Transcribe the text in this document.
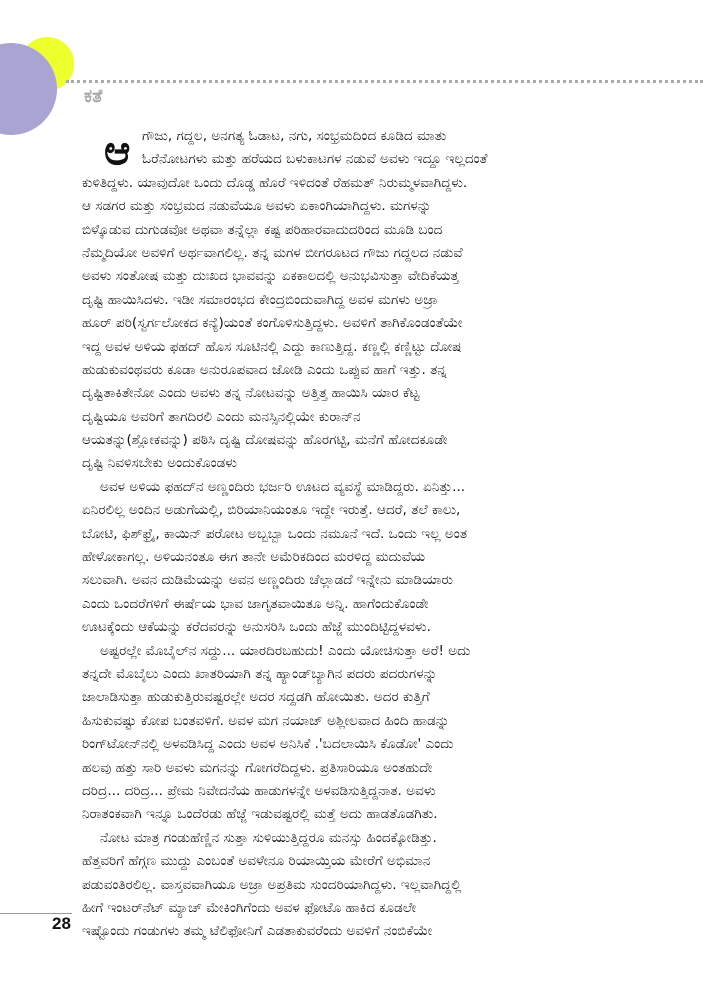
ಕತೆ
ಆ ಗೌಜು, ಗದ್ದಲ, ಅನಗತ್ಯ ಓಡಾಟ, ನಗು, ಸಂಭ್ರಮದಿಂದ ಕೂಡಿದ ಮಾತು
ಓರೆನೋಟಗಳು ಮತ್ತು ಹರೆಯದ ಬಳುಕಾಟಗಳ ನಡುವೆ ಅವಳು ಇದ್ದೂ ಇಲ್ಲದಂತೆ
ಕುಳಿತಿದ್ದಳು. ಯಾವುದೋ ಒಂದು ದೊಡ್ಡ ಹೊರೆ ಇಳಿದಂತೆ ರೆಹಮತ್ ನಿರುಮ್ಮಳವಾಗಿದ್ದಳು.
ಆ ಸಡಗರ ಮತ್ತು ಸಂಭ್ರಮದ ನಡುವೆಯೂ ಅವಳು ಏಕಾಂಗಿಯಾಗಿದ್ದಳು. ಮಗಳನ್ನು
ಬಿಳ್ಕೊಡುವ ದುಗುಡವೋ ಅಥವಾ ತನ್ನೆಲ್ಲಾ ಕಷ್ಟ ಪರಿಹಾರವಾದುದರಿಂದ ಮೂಡಿ ಬಂದ
ನೆಮ್ಮದಿಯೋ ಅವಳಿಗೆ ಅರ್ಥವಾಗಲಿಲ್ಲ. ತನ್ನ ಮಗಳ ಬೀಗರೂಟದ ಗೌಜು ಗದ್ದಲದ ನಡುವೆ
ಅವಳು ಸಂತೋಷ ಮತ್ತು ದುಃಖದ ಭಾವವನ್ನು ಏಕಕಾಲದಲ್ಲಿ ಅನುಭವಿಸುತ್ತಾ ವೇದಿಕೆಯತ್ತ
ದೃಷ್ಟಿ ಹಾಯಿಸಿದಳು. ಇಡೀ ಸಮಾರಂಭದ ಕೇಂದ್ರಬಿಂದುವಾಗಿದ್ದ ಅವಳ ಮಗಳು ಅಜ್ರಾ
ಹೂರ್ ಪರಿ(ಸ್ವರ್ಗಲೋಕದ ಕನ್ಯೆ)ಯಂತೆ ಕಂಗೊಳಿಸುತ್ತಿದ್ದಳು. ಅವಳಿಗೆ ತಾಗಿಕೊಂಡಂತೆಯೇ
ಇದ್ದ ಅವಳ ಅಳಿಯ ಫಹದ್ ಹೊಸ ಸೂಟಿನಲ್ಲಿ ಎದ್ದು ಕಾಣುತ್ತಿದ್ದ. ಕಣ್ಣಲ್ಲಿ ಕಣ್ಣಿಟ್ಟು ದೋಷ
ಹುಡುಕುವಂಥವರು ಕೂಡಾ ಅನುರೂಪವಾದ ಜೋಡಿ ಎಂದು ಒಪ್ಪುವ ಹಾಗೆ ಇತ್ತು. ತನ್ನ
ದೃಷ್ಟಿತಾಕಿತೇನೋ ಎಂದು ಅವಳು ತನ್ನ ನೋಟವನ್ನು ಅತ್ತಿತ್ತ ಹಾಯಿಸಿ ಯಾರ ಕೆಟ್ಟ
ದೃಷ್ಟಿಯೂ ಅವರಿಗೆ ತಾಗದಿರಲಿ ಎಂದು ಮನಸ್ಸಿನಲ್ಲಿಯೇ ಕುರಾನ್‌ನ
ಆಯತನ್ನು(ಶ್ಲೋಕವನ್ನು) ಪಠಿಸಿ ದೃಷ್ಟಿ ದೋಷವನ್ನು ಹೊರಗಟ್ಟಿ, ಮನೆಗೆ ಹೋದಕೂಡೇ
ದೃಷ್ಟಿ ನಿವಳಿಸಬೇಕು ಅಂದುಕೊಂಡಳು
ಅವಳ ಅಳಿಯ ಫಹದ್‌ನ ಅಣ್ಣಂದಿರು ಭರ್ಜರಿ ಊಟದ ವ್ಯವಸ್ಥೆ ಮಾಡಿದ್ದರು. ಏನಿತ್ತು...
ಏನಿರಲಿಲ್ಲ ಅಂದಿನ ಅಡುಗೆಯಲ್ಲಿ, ಬಿರಿಯಾನಿಯಂತೂ ಇದ್ದೇ ಇರುತ್ತೆ. ಆದರೆ, ತಲೆ ಕಾಲು,
ಬೋಟಿ, ಫಿಶ್‌ಫ್ರೈ, ಕಾಯಿನ್ ಪರೋಟ ಅಬ್ಬಬ್ಬಾ ಒಂದು ನಮೂನೆ ಇದೆ. ಒಂದು ಇಲ್ಲ ಅಂತ
ಹೇಳೋಕಾಗಲ್ಲ. ಅಳಿಯನಂತೂ ಈಗ ತಾನೇ ಅಮೆರಿಕದಿಂದ ಮರಳಿದ್ದ ಮದುವೆಯ
ಸಲುವಾಗಿ. ಅವನ ದುಡಿಮೆಯನ್ನು ಅವನ ಅಣ್ಣಂದಿರು ಚೆಲ್ಲಾಡದೆ ಇನ್ನೇನು ಮಾಡಿಯಾರು
ಎಂದು ಒಂದರೆಗಳಿಗೆ ಈರ್ಷೆಯ ಭಾವ ಜಾಗೃತವಾಯಿತೂ ಅನ್ನಿ. ಹಾಗೆಂದುಕೊಂಡೇ
ಊಟಕ್ಕೆಂದು ಆಕೆಯನ್ನು ಕರೆದವರನ್ನು ಅನುಸರಿಸಿ ಒಂದು ಹೆಜ್ಜೆ ಮುಂದಿಟ್ಟಿದ್ದಳವಳು.
ಅಷ್ಟರಲ್ಲೇ ಮೊಬೈಲ್‌ನ ಸದ್ದು... ಯಾರದಿರಬಹುದು! ಎಂದು ಯೋಚಿಸುತ್ತಾ ಅರೆ! ಅದು
ತನ್ನದೇ ಮೊಬೈಲು ಎಂದು ಖಾತರಿಯಾಗಿ ತನ್ನ ಹ್ಯಾಂಡ್‌ಬ್ಯಾಗಿನ ಪದರು ಪದರುಗಳನ್ನು
ಜಾಲಾಡಿಸುತ್ತಾ ಹುಡುಕುತ್ತಿರುವಷ್ಟರಲ್ಲೇ ಅದರ ಸದ್ದಡಗಿ ಹೋಯಿತು. ಅದರ ಕುತ್ತಿಗೆ
ಹಿಸುಕುವಷ್ಟು ಕೋಪ ಬಂತವಳಿಗೆ. ಅವಳ ಮಗ ನಯಾಜ್ ಅಶ್ಲೀಲವಾದ ಹಿಂದಿ ಹಾಡನ್ನು
ರಿಂಗ್‌ಟೋನ್‌ನಲ್ಲಿ ಅಳವಡಿಸಿದ್ದ ಎಂದು ಅವಳ ಅನಿಸಿಕೆ .'ಬದಲಾಯಿಸಿ ಕೊಡೋ' ಎಂದು
ಹಲವು ಹತ್ತು ಸಾರಿ ಅವಳು ಮಗನನ್ನು ಗೋಗರೆದಿದ್ದಳು. ಪ್ರತಿಸಾರಿಯೂ ಅಂತಹುದೇ
ದರಿದ್ರ... ದರಿದ್ರ... ಪ್ರೇಮ ನಿವೇದನೆಯ ಹಾಡುಗಳನ್ನೇ ಅಳವಡಿಸುತ್ತಿದ್ದನಾತ. ಅವಳು
ನಿರಾತಂಕವಾಗಿ ಇನ್ನೂ ಒಂದೆರಡು ಹೆಜ್ಜೆ ಇಡುವಷ್ಟರಲ್ಲಿ ಮತ್ತೆ ಅದು ಹಾಡತೊಡಗಿತು.
ನೋಟ ಮಾತ್ರ ಗಂಡುಹೆಣ್ಣಿನ ಸುತ್ತಾ ಸುಳಿಯುತ್ತಿದ್ದರೂ ಮನಸ್ಸು ಹಿಂದಕ್ಕೋಡಿತ್ತು.
ಹೆತ್ತವರಿಗೆ ಹೆಗ್ಗಣ ಮುದ್ದು ಎಂಬಂತೆ ಅವಳೇನೂ ರಿಯಾಯ್ತಿಯ ಮೇರೆಗೆ ಅಭಿಮಾನ
ಪಡುವಂತಿರಲಿಲ್ಲ. ವಾಸ್ತವವಾಗಿಯೂ ಅಜ್ರಾ ಅಪ್ರತಿಮ ಸುಂದರಿಯಾಗಿದ್ದಳು. ಇಲ್ಲವಾಗಿದ್ದಲ್ಲಿ
ಹೀಗೆ ಇಂಟರ್‌ನೆಟ್ ಮ್ಯಾಚ್ ಮೇಕಿಂಗಿಗೆಂದು ಅವಳ ಫೋಟೊ ಹಾಕಿದ ಕೂಡಲೇ
ಇಷ್ಟೊಂದು ಗಂಡುಗಳು ತಮ್ಮ ಟೆಲಿಫೋನಿಗೆ ಎಡತಾಕುವರೆಂದು ಅವಳಿಗೆ ನಂಬಿಕೆಯೇ
28
